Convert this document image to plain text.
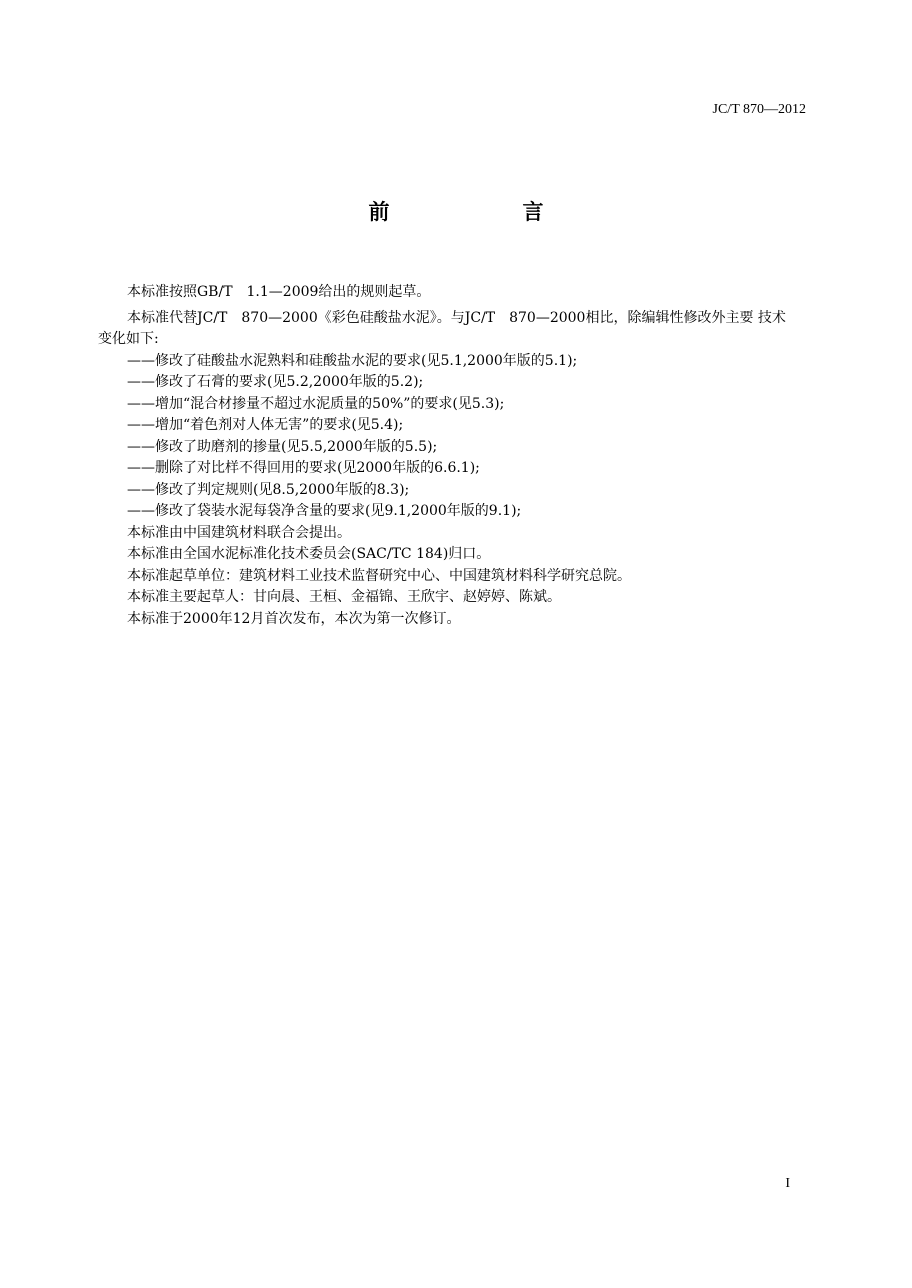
JC/T 870—2012
前　言

本标准按照GB/T　1.1—2009给出的规则起草。

本标准代替JC/T　870—2000《彩色硅酸盐水泥》。与JC/T　870—2000相比，除编辑性修改外主要 技术变化如下:

——修改了硅酸盐水泥熟料和硅酸盐水泥的要求(见5.1,2000年版的5.1);

——修改了石膏的要求(见5.2,2000年版的5.2);

——增加“混合材掺量不超过水泥质量的50%”的要求(见5.3);

——增加“着色剂对人体无害”的要求(见5.4);

——修改了助磨剂的掺量(见5.5,2000年版的5.5);

——删除了对比样不得回用的要求(见2000年版的6.6.1);

——修改了判定规则(见8.5,2000年版的8.3);

——修改了袋装水泥每袋净含量的要求(见9.1,2000年版的9.1);

本标准由中国建筑材料联合会提出。

本标准由全国水泥标准化技术委员会(SAC/TC 184)归口。

本标准起草单位：建筑材料工业技术监督研究中心、中国建筑材料科学研究总院。

本标准主要起草人：甘向晨、王桓、金福锦、王欣宇、赵婷婷、陈斌。

本标准于2000年12月首次发布，本次为第一次修订。

I
